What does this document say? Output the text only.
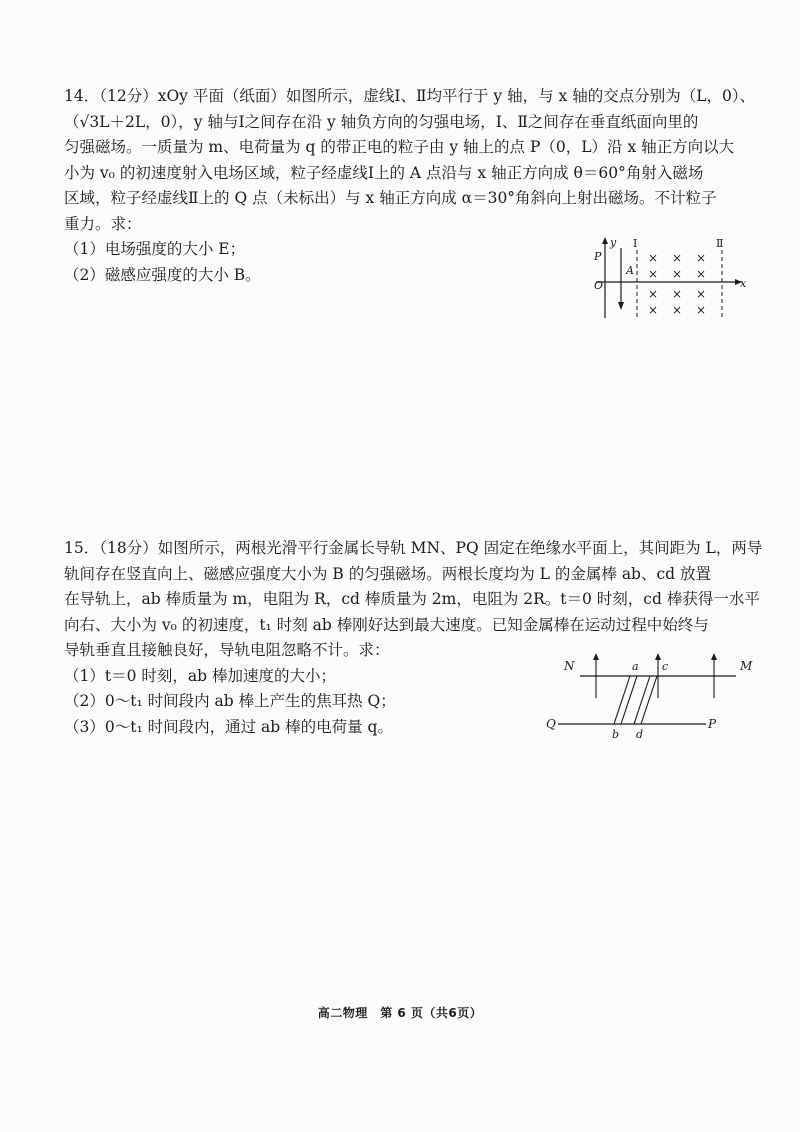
14．（12分）xOy 平面（纸面）如图所示，虚线Ⅰ、Ⅱ均平行于 y 轴，与 x 轴的交点分别为（L，0）、
（√3L＋2L，0），y 轴与Ⅰ之间存在沿 y 轴负方向的匀强电场，Ⅰ、Ⅱ之间存在垂直纸面向里的
匀强磁场。一质量为 m、电荷量为 q 的带正电的粒子由 y 轴上的点 P（0，L）沿 x 轴正方向以大
小为 v₀ 的初速度射入电场区域，粒子经虚线Ⅰ上的 A 点沿与 x 轴正方向成 θ＝60°角射入磁场
区域，粒子经虚线Ⅱ上的 Q 点（未标出）与 x 轴正方向成 α＝30°角斜向上射出磁场。不计粒子
重力。求：
（1）电场强度的大小 E；
（2）磁感应强度的大小 B。
y
x
O
P
Ⅰ
A
Ⅱ
× × ×
× × ×
× × ×
× × ×
15．（18分）如图所示，两根光滑平行金属长导轨 MN、PQ 固定在绝缘水平面上，其间距为 L，两导
轨间存在竖直向上、磁感应强度大小为 B 的匀强磁场。两根长度均为 L 的金属棒 ab、cd 放置
在导轨上，ab 棒质量为 m，电阻为 R，cd 棒质量为 2m，电阻为 2R。t＝0 时刻，cd 棒获得一水平
向右、大小为 v₀ 的初速度，t₁ 时刻 ab 棒刚好达到最大速度。已知金属棒在运动过程中始终与
导轨垂直且接触良好，导轨电阻忽略不计。求：
（1）t＝0 时刻，ab 棒加速度的大小；
（2）0～t₁ 时间段内 ab 棒上产生的焦耳热 Q；
（3）0～t₁ 时间段内，通过 ab 棒的电荷量 q。
N	M
Q	P
a
b
c
d
高二物理　第 6 页（共6页）
